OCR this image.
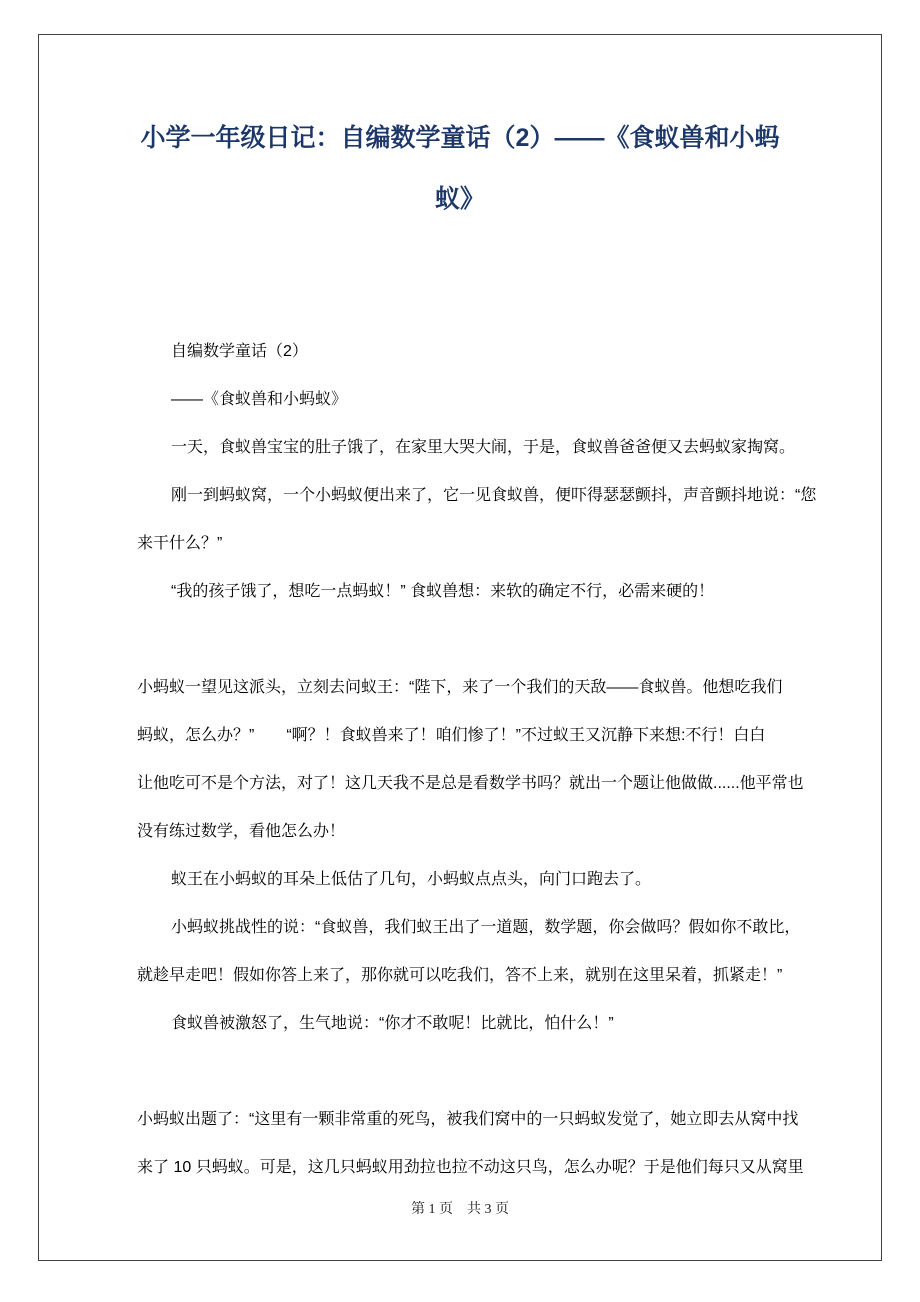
小学一年级日记：自编数学童话（2）——《食蚁兽和小蚂
蚁》
自编数学童话（2）
——《食蚁兽和小蚂蚁》
一天，食蚁兽宝宝的肚子饿了，在家里大哭大闹，于是，食蚁兽爸爸便又去蚂蚁家掏窝。
刚一到蚂蚁窝，一个小蚂蚁便出来了，它一见食蚁兽，便吓得瑟瑟颤抖，声音颤抖地说：“您
来干什么？”
“我的孩子饿了，想吃一点蚂蚁！” 食蚁兽想：来软的确定不行，必需来硬的！
小蚂蚁一望见这派头，立刻去问蚁王：“陛下，来了一个我们的天敌——食蚁兽。他想吃我们
蚂蚁，怎么办？”　　“啊？！食蚁兽来了！咱们惨了！”不过蚁王又沉静下来想:不行！白白
让他吃可不是个方法，对了！这几天我不是总是看数学书吗？就出一个题让他做做......他平常也
没有练过数学，看他怎么办！
蚁王在小蚂蚁的耳朵上低估了几句，小蚂蚁点点头，向门口跑去了。
小蚂蚁挑战性的说：“食蚁兽，我们蚁王出了一道题，数学题，你会做吗？假如你不敢比，
就趁早走吧！假如你答上来了，那你就可以吃我们，答不上来，就别在这里呆着，抓紧走！”
食蚁兽被激怒了，生气地说：“你才不敢呢！比就比，怕什么！”
小蚂蚁出题了：“这里有一颗非常重的死鸟，被我们窝中的一只蚂蚁发觉了，她立即去从窝中找
来了 10 只蚂蚁。可是，这几只蚂蚁用劲拉也拉不动这只鸟，怎么办呢？于是他们每只又从窝里
第 1 页　共 3 页
